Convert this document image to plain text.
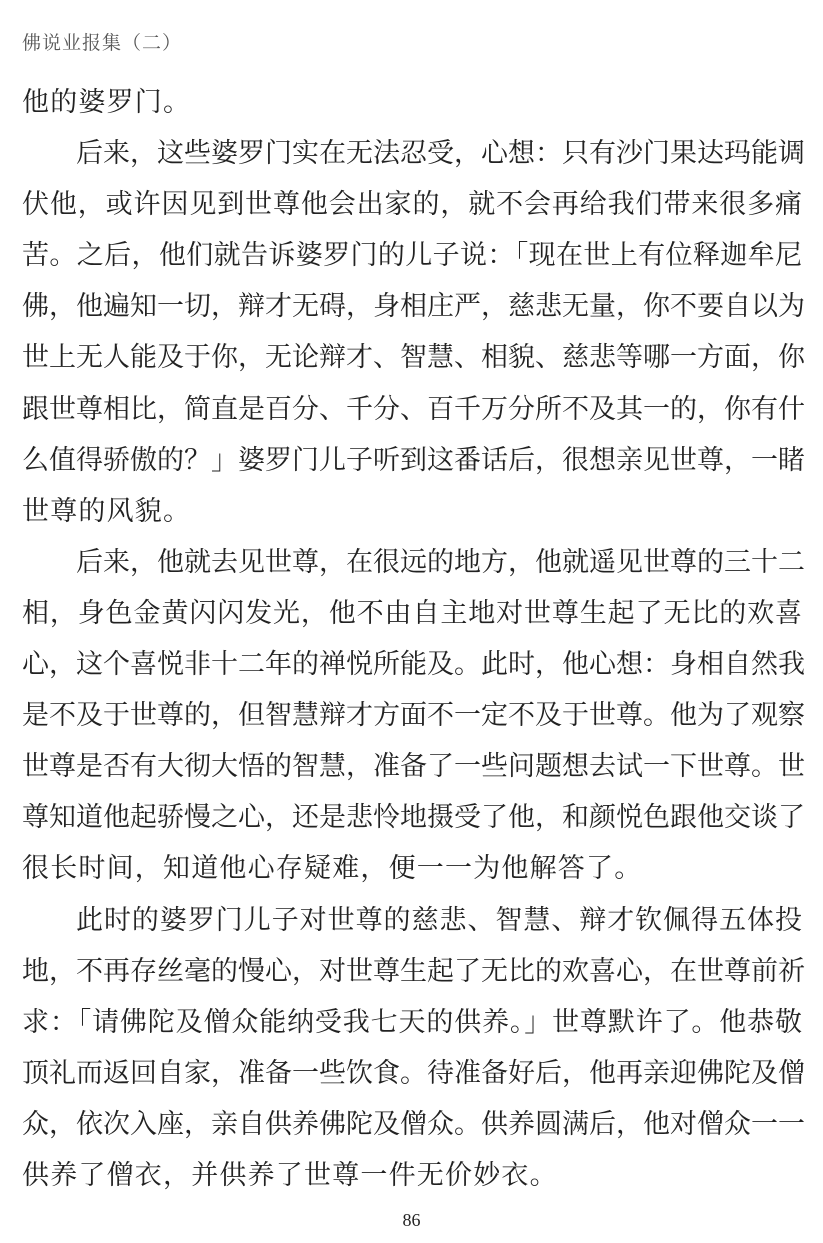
佛说业报集（二）
他的婆罗门。
后来，这些婆罗门实在无法忍受，心想：只有沙门果达玛能调
伏他，或许因见到世尊他会出家的，就不会再给我们带来很多痛
苦。之后，他们就告诉婆罗门的儿子说：「现在世上有位释迦牟尼
佛，他遍知一切，辩才无碍，身相庄严，慈悲无量，你不要自以为
世上无人能及于你，无论辩才、智慧、相貌、慈悲等哪一方面，你
跟世尊相比，简直是百分、千分、百千万分所不及其一的，你有什
么值得骄傲的？」婆罗门儿子听到这番话后，很想亲见世尊，一睹
世尊的风貌。
后来，他就去见世尊，在很远的地方，他就遥见世尊的三十二
相，身色金黄闪闪发光，他不由自主地对世尊生起了无比的欢喜
心，这个喜悦非十二年的禅悦所能及。此时，他心想：身相自然我
是不及于世尊的，但智慧辩才方面不一定不及于世尊。他为了观察
世尊是否有大彻大悟的智慧，准备了一些问题想去试一下世尊。世
尊知道他起骄慢之心，还是悲怜地摄受了他，和颜悦色跟他交谈了
很长时间，知道他心存疑难，便一一为他解答了。
此时的婆罗门儿子对世尊的慈悲、智慧、辩才钦佩得五体投
地，不再存丝毫的慢心，对世尊生起了无比的欢喜心，在世尊前祈
求：「请佛陀及僧众能纳受我七天的供养。」世尊默许了。他恭敬
顶礼而返回自家，准备一些饮食。待准备好后，他再亲迎佛陀及僧
众，依次入座，亲自供养佛陀及僧众。供养圆满后，他对僧众一一
供养了僧衣，并供养了世尊一件无价妙衣。
86
